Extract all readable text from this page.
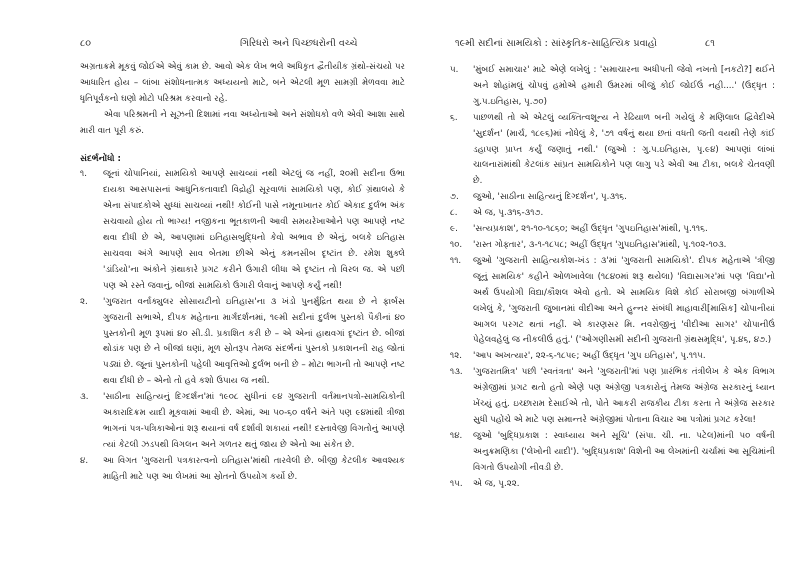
૮૦	ગિરિધરો અને પિચ્છધરોની વચ્ચે

અગ્રતાક્રમે મૂકવું જોઈએ એવું કામ છે. આવો એક લેખ ભલે અધિકૃત દ્વૈતીયીક ગ્રંથો-સંચયો પર આધારિત હોય – લાંબા સંશોધનાત્મક અધ્યયનો માટે, બને એટલી મૂળ સામગ્રી મેળવવા માટે ધૃતિપૂર્વકનો ઘણો મોટો પરિશ્રમ કરવાનો રહે.

એવા પરિશ્રમની ને સૂઝની દિશામાં નવા અધ્યેતાઓ અને સંશોધકો વળે એવી આશા સાથે મારી વાત પૂરી કરું.

સંદર્ભનોંધો :

૧.	જૂનાં ચોપાનિયાં, સામયિકો આપણે સાચવ્યાં નથી એટલું જ નહીં, ૨૦મી સદીના ઉભા દાયકા આસપાસનાં આધુનિકતાવાદી વિદ્રોહી સૂરવાળાં સામયિકો પણ, કોઈ ગ્રંથાલયે કે એના સંપાદકોએ સુધ્ધાં સાચવ્યાં નથી! કોઈની પાસે નમૂનાખાતર કોઈ એકાદ દુર્લભ અંક સચવાયો હોય તો ભાગ્ય! નજીકના ભૂતકાળની આવી સમયરેખાઓને પણ આપણે નષ્ટ થવા દીધી છે એ, આપણામાં ઇતિહાસબુદ્ધિનો કેવો અભાવ છે એનું, બલકે ઇતિહાસ સાચવવા અંગે આપણે સાવ બેતમા છીએ એનું કમનસીબ દૃષ્ટાંત છે. રમેશ શુક્લે 'ડાંડિયો'ના અંકોને ગ્રંથાકારે પ્રગટ કરીને ઉગારી લીધા એ દૃષ્ટાંત તો વિરલ જ. એ પછી પણ એ રસ્તે જવાનું, બીજાં સામયિકો ઉગારી લેવાનું આપણે કર્યું નથી!
૨.	'ગુજરાત વર્નાક્યુલર સોસાયટીનો ઇતિહાસ'ના ૩ ખંડો પુનર્મુદ્રિત થયા છે ને ફાર્બસ ગુજરાતી સભાએ, દીપક મહેતાના માર્ગદર્શનમાં, ૧૯મી સદીનાં દુર્લભ પુસ્તકો પૈકીનાં ૪૦ પુસ્તકોની મૂળ રૂપમાં ૪૦ સી.ડી. પ્રકાશિત કરી છે – એ એનાં હાથવગાં દૃષ્ટાંત છે. બીજાં થોડાંક પણ છે ને બીજાં ઘણાં, મૂળ સ્રોતરૂપ તેમજ સંદર્ભનાં પુસ્તકો પ્રકાશનની રાહ જોતાં પડ્યાં છે. જૂનાં પુસ્તકોની પહેલી આવૃત્તિઓ દુર્લભ બની છે – મોટા ભાગની તો આપણે નષ્ટ થવા દીધી છે – એનો તો હવે કશો ઉપાય જ નથી.
૩.	'સાઠીના સાહિત્યનું દિગ્દર્શન'માં ૧૯૦૮ સુધીનાં ૯૪ ગુજરાતી વર્તમાનપત્રો-સામયિકોની અકારાદિક્રમ યાદી મૂકવામાં આવી છે. એમાં, આ ૫૦-૬૦ વર્ષને અંતે પણ ૯૪માંથી ત્રીજા ભાગનાં પત્ર-પત્રિકાઓનાં શરૂ થયાનાં વર્ષ દર્શાવી શકાયાં નથી! દસ્તાવેજી વિગતોનું આપણે ત્યાં કેટલી ઝડપથી વિગલન અને ગળતર થતું જાય છે એનો આ સંકેત છે.
૪.	આ વિગત 'ગુજરાતી પત્રકારત્વનો ઇતિહાસ'માંથી તારવેલી છે. બીજી કેટલીક આવશ્યક માહિતી માટે પણ આ લેખમાં આ સ્રોતનો ઉપયોગ કર્યો છે.
૧૯મી સદીનાં સામયિકો : સાંસ્કૃતિક-સાહિત્યિક પ્રવાહો	૮૧
૫.	'મુંબઈ સમાચાર' માટે એણે લખેલું : 'સમાચારના અધીપતી જેવો નખતો [નકટો?] થઈને અને શોહાંમલું ચોપવું હમોએ હમારી ઉમરમાં બીજું કોઈ જોઈઉં નહી....' (ઉદ્ધૃત : ગુ.પ.ઇતિહાસ, પૃ.૭૦)
૬.	પાછળથી તો એ એટલું વ્યક્તિત્વશૂન્ય ને રેઢિયાળ બની ગયેલું કે મણિલાલ દ્વિવેદીએ 'સુદર્શન' (માર્ચ, ૧૮૯૬)માં નોંધેલું કે, '૭૧ વર્ષનું થયા છતાં વધતી જતી વયથી તેણે કાંઈ ડહાપણ પ્રાપ્ત કર્યું જણાતું નથી.' (જુઓ : ગુ.પ.ઇતિહાસ, પૃ.૯૪) આપણાં લાંબાં ચાલનારાંમાંથી કેટલાંક સાંપ્રત સામયિકોને પણ લાગુ પડે એવી આ ટીકા, બલકે ચેતવણી છે.
૭.	જુઓ, 'સાઠીના સાહિત્યનું દિગ્દર્શન', પૃ.૩૧૬.
૮.	એ જ, પૃ.૩૧૬-૩૧૭.
૯.	'સત્યપ્રકાશ', ૨૧-૧૦-૧૮૬૦; અહીં ઉદ્ધૃત 'ગુપઇતિહાસ'માંથી, પૃ.૧૧૬.
૧૦.	'રાસ્ત ગોફ્તાર', ૩-૧-૧૮૫૮; અહીં ઉદ્ધૃત 'ગુપઇતિહાસ'માંથી, પૃ.૧૦૨-૧૦૩.
૧૧.	જુઓ 'ગુજરાતી સાહિત્યકોશ-ખંડ : ૩'માં 'ગુજરાતી સામયિકો'. દીપક મહેતાએ 'ત્રીજી જૂનું સામયિક' કહીને ઓળખાવેલા (૧૮૪૦માં શરૂ થયેલા) 'વિદ્યાસાગર'માં પણ 'વિદ્યા'નો અર્થ ઉપયોગી વિદ્યા/કૌશલ એવો હતો. એ સામયિક વિશે કોઈ સોરાબજી બંગાળીએ લખેલું કે, 'ગુજરાતી જુબાનમાં વીદીઆ અને હુન્નર સંબંધી માહાવારી[માસિક] ચોપાનીયાં આગલ પરગટ થતાં નહીં. એ કારણસર મિ. નવરોજીનું 'વીદીઆ સાગર' ચોપાનીઉં પેહેલવહેલું જ નીકલીઉં હતું.' ('ઓગણીસમી સદીની ગુજરાતી ગ્રંથસમૃદ્ધિ', પૃ.૪૬, ૪૭.)
૧૨.	'આપ અખત્યાર', ૨૨-૬-૧૮૫૯; અહીં ઉદ્ધૃત 'ગુપ ઇતિહાસ', પૃ.૧૧૫.
૧૩.	'ગુજરાતમિત્ર' પછી 'સ્વતંત્રતા' અને 'ગુજરાતી'માં પણ પ્રારંભિક તંત્રીલેખ કે એક વિભાગ અંગ્રેજીમાં પ્રગટ થતો હતો એણે પણ અંગ્રેજી પત્રકારોનું તેમજ અંગ્રેજ સરકારનું ધ્યાન ખેંચ્યું હતું. ઇચ્છારામ દેસાઈએ તો, પોતે આકરી રાજકીય ટીકા કરતા તે અંગ્રેજ સરકાર સુધી પહોંચે એ માટે પણ સમાન્તરે અંગ્રેજીમાં પોતાના વિચાર આ પત્રોમાં પ્રગટ કરેલા!
૧૪.	જુઓ 'બુદ્ધિપ્રકાશ : સ્વાધ્યાય અને સૂચિ' (સંપા. ચી. ના. પટેલ)માંની ૫૦ વર્ષની અનુક્રમણિકા ('લેખોની યાદી'). 'બુદ્ધિપ્રકાશ' વિશેની આ લેખમાંની ચર્ચામાં આ સૂચિમાંની વિગતો ઉપયોગી નીવડી છે.
૧૫.	એ જ, પૃ.૨૨.
